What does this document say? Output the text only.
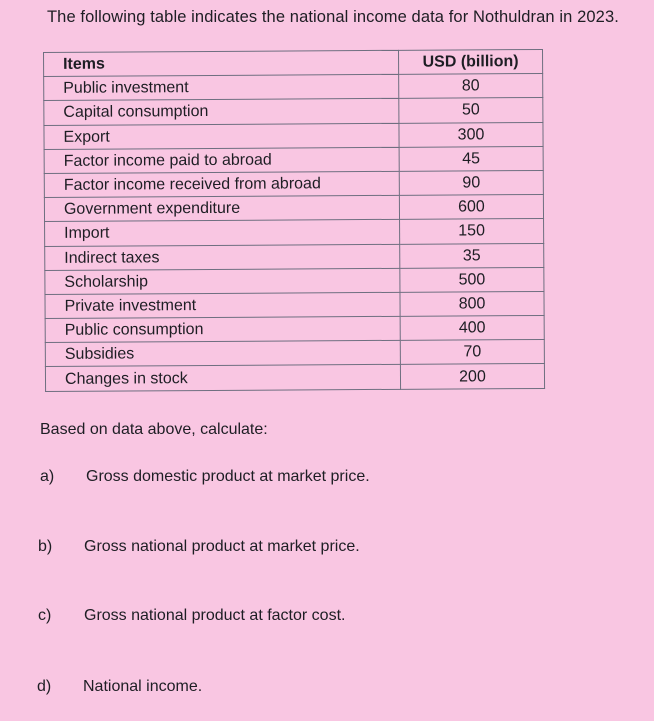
The following table indicates the national income data for Nothuldran in 2023.
Items	USD (billion)
Public investment	80
Capital consumption	50
Export	300
Factor income paid to abroad	45
Factor income received from abroad	90
Government expenditure	600
Import	150
Indirect taxes	35
Scholarship	500
Private investment	800
Public consumption	400
Subsidies	70
Changes in stock	200
Based on data above, calculate:
a) Gross domestic product at market price.
b) Gross national product at market price.
c) Gross national product at factor cost.
d) National income.
